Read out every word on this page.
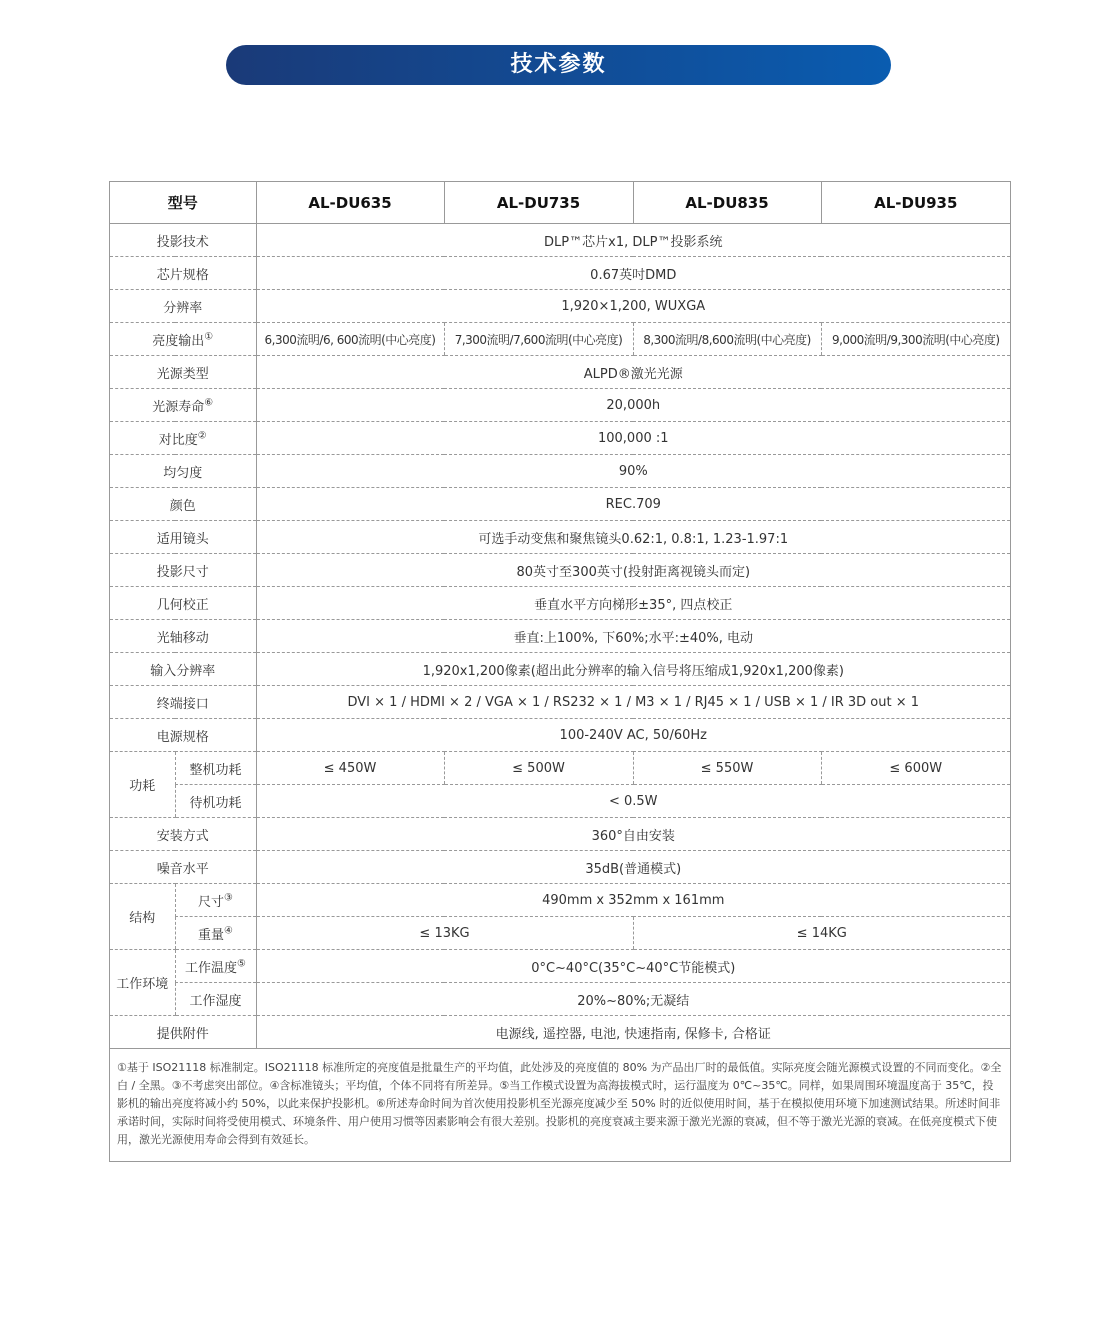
技术参数
型号		AL-DU635	AL-DU735	AL-DU835	AL-DU935
投影技术		DLP™芯片x1, DLP™投影系统			
芯片规格		0.67英吋DMD			
分辨率		1,920×1,200, WUXGA			
亮度输出①		6,300流明/6, 600流明(中心亮度)	7,300流明/7,600流明(中心亮度)	8,300流明/8,600流明(中心亮度)	9,000流明/9,300流明(中心亮度)
光源类型		ALPD®激光光源			
光源寿命⑥		20,000h			
对比度②		100,000 :1			
均匀度		90%			
颜色		REC.709			
适用镜头		可选手动变焦和聚焦镜头0.62:1, 0.8:1, 1.23-1.97:1			
投影尺寸		80英寸至300英寸(投射距离视镜头而定)			
几何校正		垂直水平方向梯形±35°, 四点校正			
光轴移动		垂直:上100%, 下60%;水平:±40%, 电动			
输入分辨率		1,920x1,200像素(超出此分辨率的输入信号将压缩成1,920x1,200像素)			
终端接口		DVI × 1 / HDMI × 2 / VGA × 1 / RS232 × 1 / M3 × 1 / RJ45 × 1 / USB × 1 / IR 3D out × 1			
电源规格		100-240V AC, 50/60Hz			
功耗	整机功耗	≤ 450W	≤ 500W	≤ 550W	≤ 600W
	待机功耗	< 0.5W			
安装方式		360°自由安装			
噪音水平		35dB(普通模式)			
结构	尺寸③	490mm x 352mm x 161mm			
	重量④	≤ 13KG		≤ 14KG	
工作环境	工作温度⑤	0°C~40°C(35°C~40°C节能模式)			
	工作湿度	20%~80%;无凝结			
提供附件		电源线, 遥控器, 电池, 快速指南, 保修卡, 合格证			
①基于 ISO21118 标准制定。ISO21118 标准所定的亮度值是批量生产的平均值，此处涉及的亮度值的 80% 为产品出厂时的最低值。实际亮度会随光源模式设置的不同而变化。②全白 / 全黑。③不考虑突出部位。④含标准镜头；平均值，个体不同将有所差异。⑤当工作模式设置为高海拔模式时，运行温度为 0℃~35℃。同样，如果周围环境温度高于 35℃，投影机的输出亮度将减小约 50%，以此来保护投影机。⑥所述寿命时间为首次使用投影机至光源亮度减少至 50% 时的近似使用时间，基于在模拟使用环境下加速测试结果。所述时间非承诺时间，实际时间将受使用模式、环境条件、用户使用习惯等因素影响会有很大差别。投影机的亮度衰减主要来源于激光光源的衰减，但不等于激光光源的衰减。在低亮度模式下使用，激光光源使用寿命会得到有效延长。
